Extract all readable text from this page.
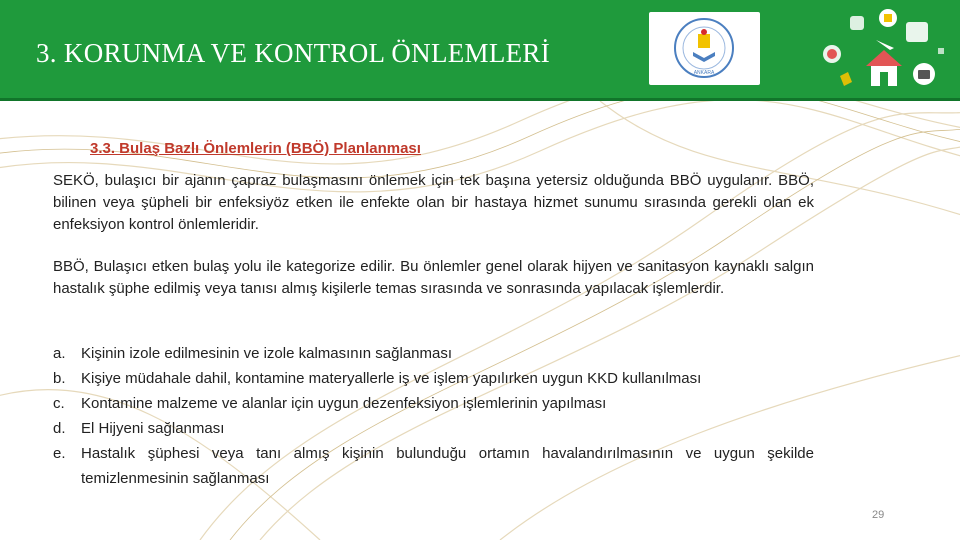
3. KORUNMA VE KONTROL ÖNLEMLERİ
ANKARA
3.3. Bulaş Bazlı Önlemlerin (BBÖ) Planlanması

SEKÖ, bulaşıcı bir ajanın çapraz bulaşmasını önlemek için tek başına yetersiz olduğunda BBÖ uygulanır. BBÖ, bilinen veya şüpheli bir enfeksiyöz etken ile enfekte olan bir hastaya hizmet sunumu sırasında gerekli olan ek enfeksiyon kontrol önlemleridir.

BBÖ, Bulaşıcı etken bulaş yolu ile kategorize edilir. Bu önlemler genel olarak hijyen ve sanitasyon kaynaklı salgın hastalık şüphe edilmiş veya tanısı almış kişilerle temas sırasında ve sonrasında yapılacak işlemlerdir.

a.	Kişinin izole edilmesinin ve izole kalmasının sağlanması
b.	Kişiye müdahale dahil, kontamine materyallerle iş ve işlem yapılırken uygun KKD kullanılması
c.	Kontamine malzeme ve alanlar için uygun dezenfeksiyon işlemlerinin yapılması
d.	El Hijyeni sağlanması
e.	Hastalık şüphesi veya tanı almış kişinin bulunduğu ortamın havalandırılmasının ve uygun şekilde temizlenmesinin sağlanması
29
